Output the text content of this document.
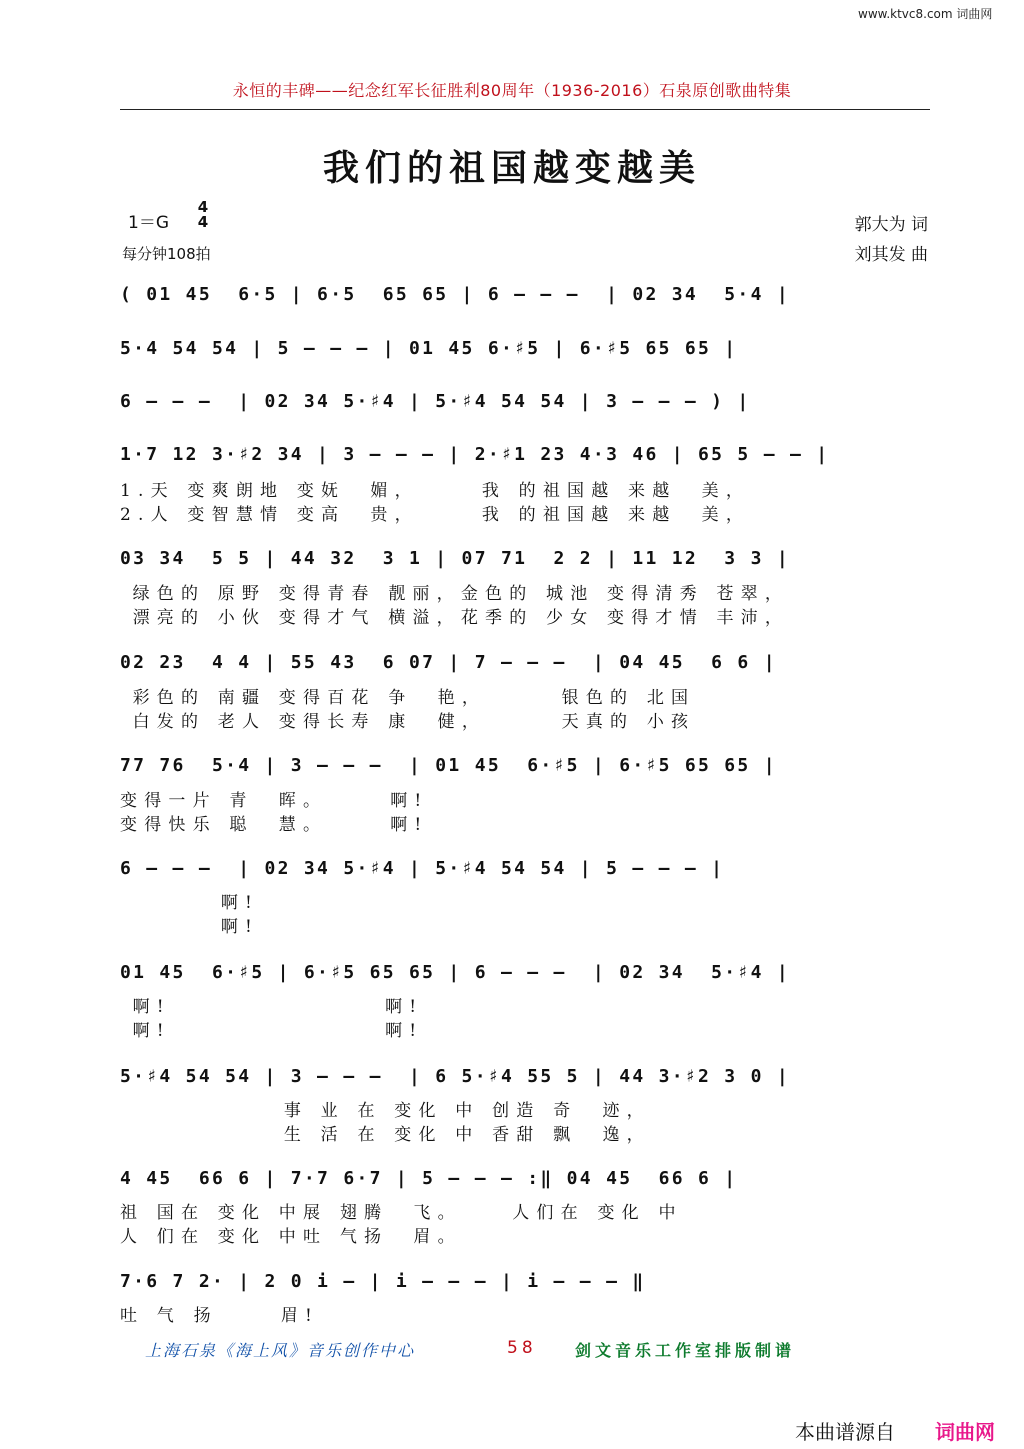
www.ktvc8.com 词曲网
永恒的丰碑——纪念红军长征胜利80周年（1936-2016）石泉原创歌曲特集
我们的祖国越变越美
1＝G
4
4
每分钟108拍
郭大为 词
刘其发 曲
( 01 45  6·5 | 6·5  65 65 | 6 — — —  | 02 34  5·4 |
5·4 54 54 | 5 — — — | 01 45 6·♯5 | 6·♯5 65 65 |
6 — — —  | 02 34 5·♯4 | 5·♯4 54 54 | 3 — — — ) |
1·7 12 3·♯2 34 | 3 — — — | 2·♯1 23 4·3 46 | 65 5 — — |
1.天 变爽朗地 变妩  媚，     我 的祖国越 来越  美，
2.人 变智慧情 变高  贵，     我 的祖国越 来越  美，
03 34  5 5 | 44 32  3 1 | 07 71  2 2 | 11 12  3 3 |
绿色的 原野 变得青春 靓丽，金色的 城池 变得清秀 苍翠，
漂亮的 小伙 变得才气 横溢，花季的 少女 变得才情 丰沛，
02 23  4 4 | 55 43  6 07 | 7 — — —  | 04 45  6 6 |
彩色的 南疆 变得百花 争  艳，      银色的 北国
白发的 老人 变得长寿 康  健，      天真的 小孩
77 76  5·4 | 3 — — —  | 01 45  6·♯5 | 6·♯5 65 65 |
变得一片 青  晖。     啊!
变得快乐 聪  慧。     啊!
6 — — —  | 02 34 5·♯4 | 5·♯4 54 54 | 5 — — — |
啊!
啊!
01 45  6·♯5 | 6·♯5 65 65 | 6 — — —  | 02 34  5·♯4 |
啊!                 啊!
啊!                 啊!
5·♯4 54 54 | 3 — — —  | 6 5·♯4 55 5 | 44 3·♯2 3 0 |
事 业 在 变化 中 创造 奇  迹，
生 活 在 变化 中 香甜 飘  逸，
4 45  66 6 | 7·7 6·7 | 5 — — — :‖ 04 45  66 6 |
祖 国在 变化 中展 翅腾  飞。    人们在 变化 中
人 们在 变化 中吐 气扬  眉。
7·6 7 2· | 2 0 i — | i — — — | i — — — ‖
吐 气 扬     眉!
上海石泉《海上风》音乐创作中心	58 剑文音乐工作室排版制谱
本曲谱源自 词曲网
